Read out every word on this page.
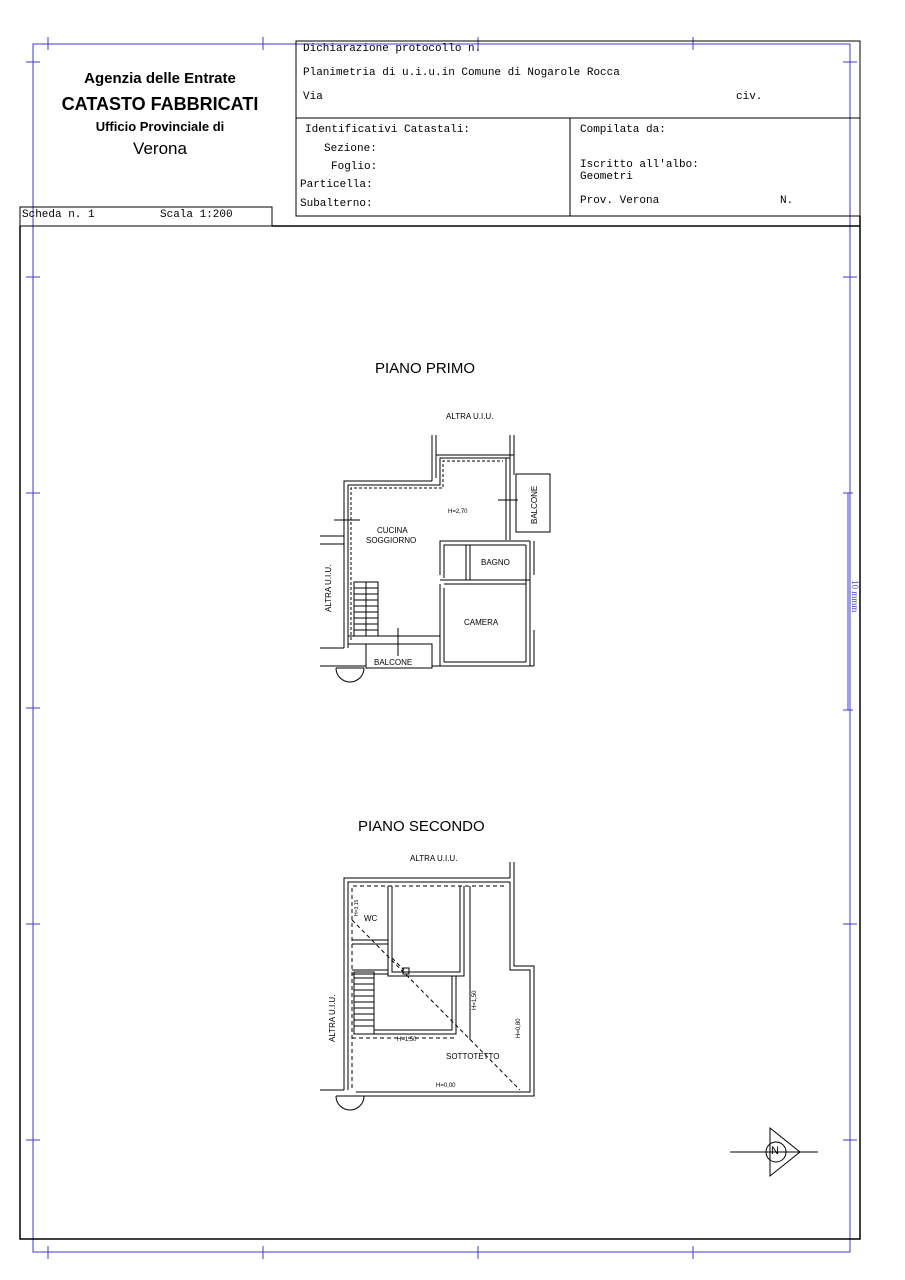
Agenzia delle Entrate
CATASTO FABBRICATI
Ufficio Provinciale di
Verona
Scheda n. 1	Scala 1:200
Dichiarazione protocollo n.
Planimetria di u.i.u.in Comune di Nogarole Rocca
Via	civ.
Identificativi Catastali:
Sezione:
Foglio:
Particella:
Subalterno:
Compilata da:
Iscritto all'albo:
Geometri
Prov. Verona	N.
10 mmm
PIANO PRIMO
ALTRA U.I.U.
ALTRA U.I.U.
H=2,70
CUCINA
SOGGIORNO
BAGNO
CAMERA
BALCONE
BALCONE
PIANO SECONDO
ALTRA U.I.U.
ALTRA U.I.U.
WC
H=3,15
H=1,50
H=1,50
H=0,80
H=0,00
SOTTOTETTO
N
